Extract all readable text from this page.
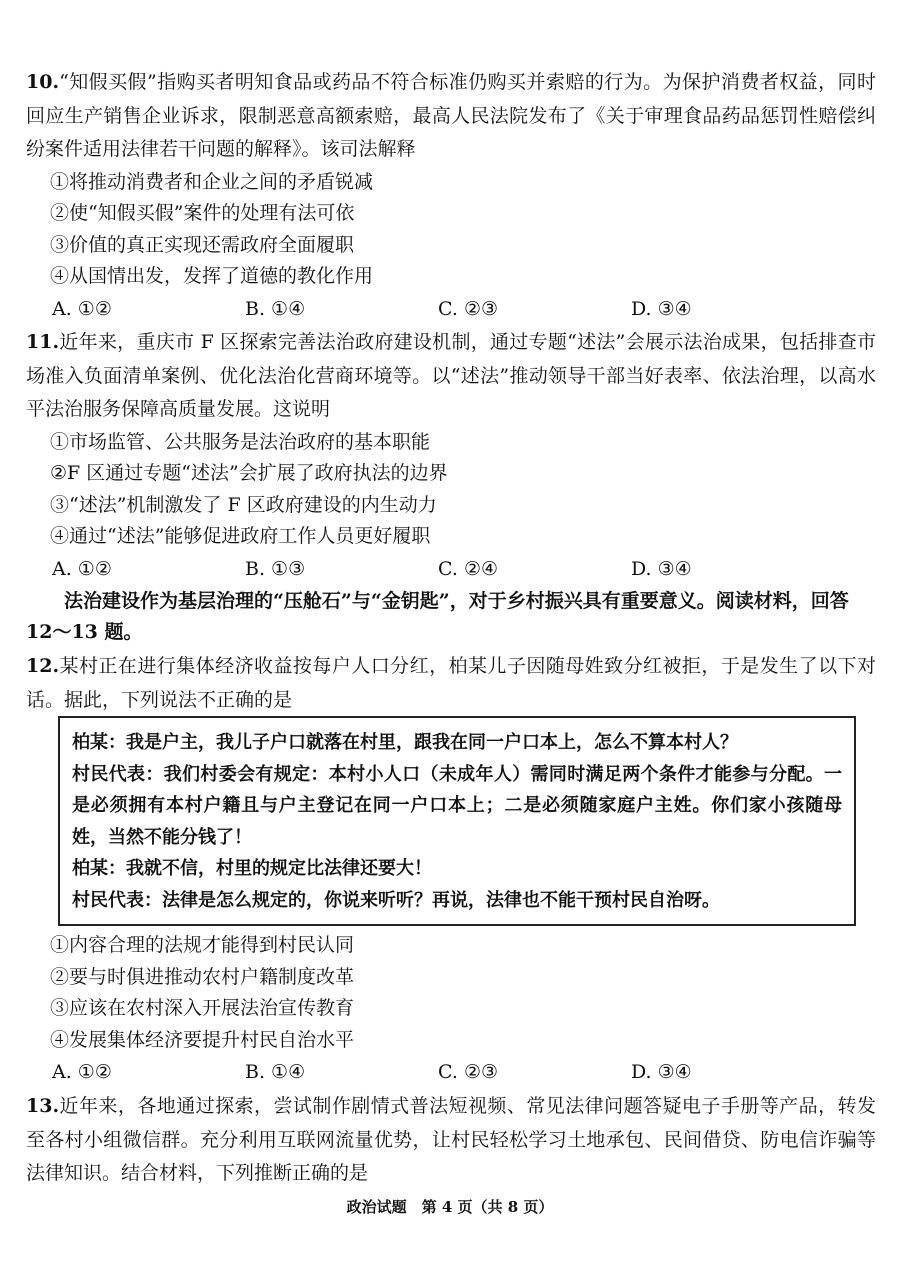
10.“知假买假”指购买者明知食品或药品不符合标准仍购买并索赔的行为。为保护消费者权益，同时回应生产销售企业诉求，限制恶意高额索赔，最高人民法院发布了《关于审理食品药品惩罚性赔偿纠纷案件适用法律若干问题的解释》。该司法解释

①将推动消费者和企业之间的矛盾锐减

②使“知假买假”案件的处理有法可依

③价值的真正实现还需政府全面履职

④从国情出发，发挥了道德的教化作用

A. ①②	B. ①④	C. ②③	D. ③④

11.近年来，重庆市 F 区探索完善法治政府建设机制，通过专题“述法”会展示法治成果，包括排查市场准入负面清单案例、优化法治化营商环境等。以“述法”推动领导干部当好表率、依法治理，以高水平法治服务保障高质量发展。这说明

①市场监管、公共服务是法治政府的基本职能

②F 区通过专题“述法”会扩展了政府执法的边界

③“述法”机制激发了 F 区政府建设的内生动力

④通过“述法”能够促进政府工作人员更好履职

A. ①②	B. ①③	C. ②④	D. ③④

法治建设作为基层治理的“压舱石”与“金钥匙”，对于乡村振兴具有重要意义。阅读材料，回答
12～13 题。

12.某村正在进行集体经济收益按每户人口分红，柏某儿子因随母姓致分红被拒，于是发生了以下对话。据此，下列说法不正确的是

柏某：我是户主，我儿子户口就落在村里，跟我在同一户口本上，怎么不算本村人？

村民代表：我们村委会有规定：本村小人口（未成年人）需同时满足两个条件才能参与分配。一是必须拥有本村户籍且与户主登记在同一户口本上；二是必须随家庭户主姓。你们家小孩随母姓，当然不能分钱了！

柏某：我就不信，村里的规定比法律还要大！

村民代表：法律是怎么规定的，你说来听听？再说，法律也不能干预村民自治呀。

①内容合理的法规才能得到村民认同

②要与时俱进推动农村户籍制度改革

③应该在农村深入开展法治宣传教育

④发展集体经济要提升村民自治水平

A. ①②	B. ①④	C. ②③	D. ③④

13.近年来，各地通过探索，尝试制作剧情式普法短视频、常见法律问题答疑电子手册等产品，转发至各村小组微信群。充分利用互联网流量优势，让村民轻松学习土地承包、民间借贷、防电信诈骗等法律知识。结合材料，下列推断正确的是

政治试题　第 4 页（共 8 页）
